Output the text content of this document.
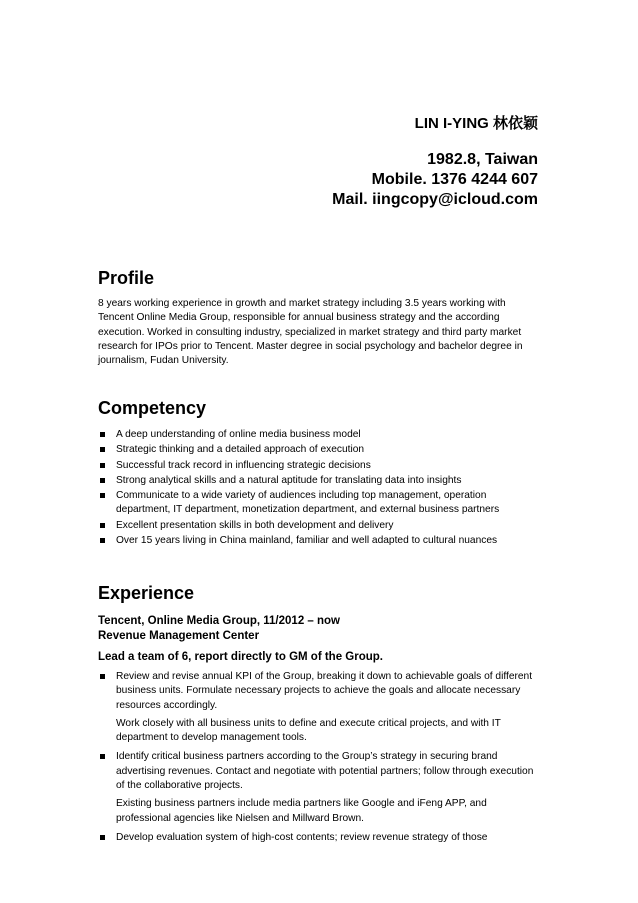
LIN I-YING 林依颖
1982.8, Taiwan
Mobile. 1376 4244 607
Mail. iingcopy@icloud.com
Profile

8 years working experience in growth and market strategy including 3.5 years working with Tencent Online Media Group, responsible for annual business strategy and the according execution. Worked in consulting industry, specialized in market strategy and third party market research for IPOs prior to Tencent. Master degree in social psychology and bachelor degree in journalism, Fudan University.

Competency
A deep understanding of online media business model
Strategic thinking and a detailed approach of execution
Successful track record in influencing strategic decisions
Strong analytical skills and a natural aptitude for translating data into insights
Communicate to a wide variety of audiences including top management, operation department, IT department, monetization department, and external business partners
Excellent presentation skills in both development and delivery
Over 15 years living in China mainland, familiar and well adapted to cultural nuances
Experience
Tencent, Online Media Group, 11/2012 – now
Revenue Management Center
Lead a team of 6, report directly to GM of the Group.
Review and revise annual KPI of the Group, breaking it down to achievable goals of different business units. Formulate necessary projects to achieve the goals and allocate necessary resources accordingly.
Work closely with all business units to define and execute critical projects, and with IT department to develop management tools.
Identify critical business partners according to the Group’s strategy in securing brand advertising revenues. Contact and negotiate with potential partners; follow through execution of the collaborative projects.
Existing business partners include media partners like Google and iFeng APP, and professional agencies like Nielsen and Millward Brown.
Develop evaluation system of high-cost contents; review revenue strategy of those
